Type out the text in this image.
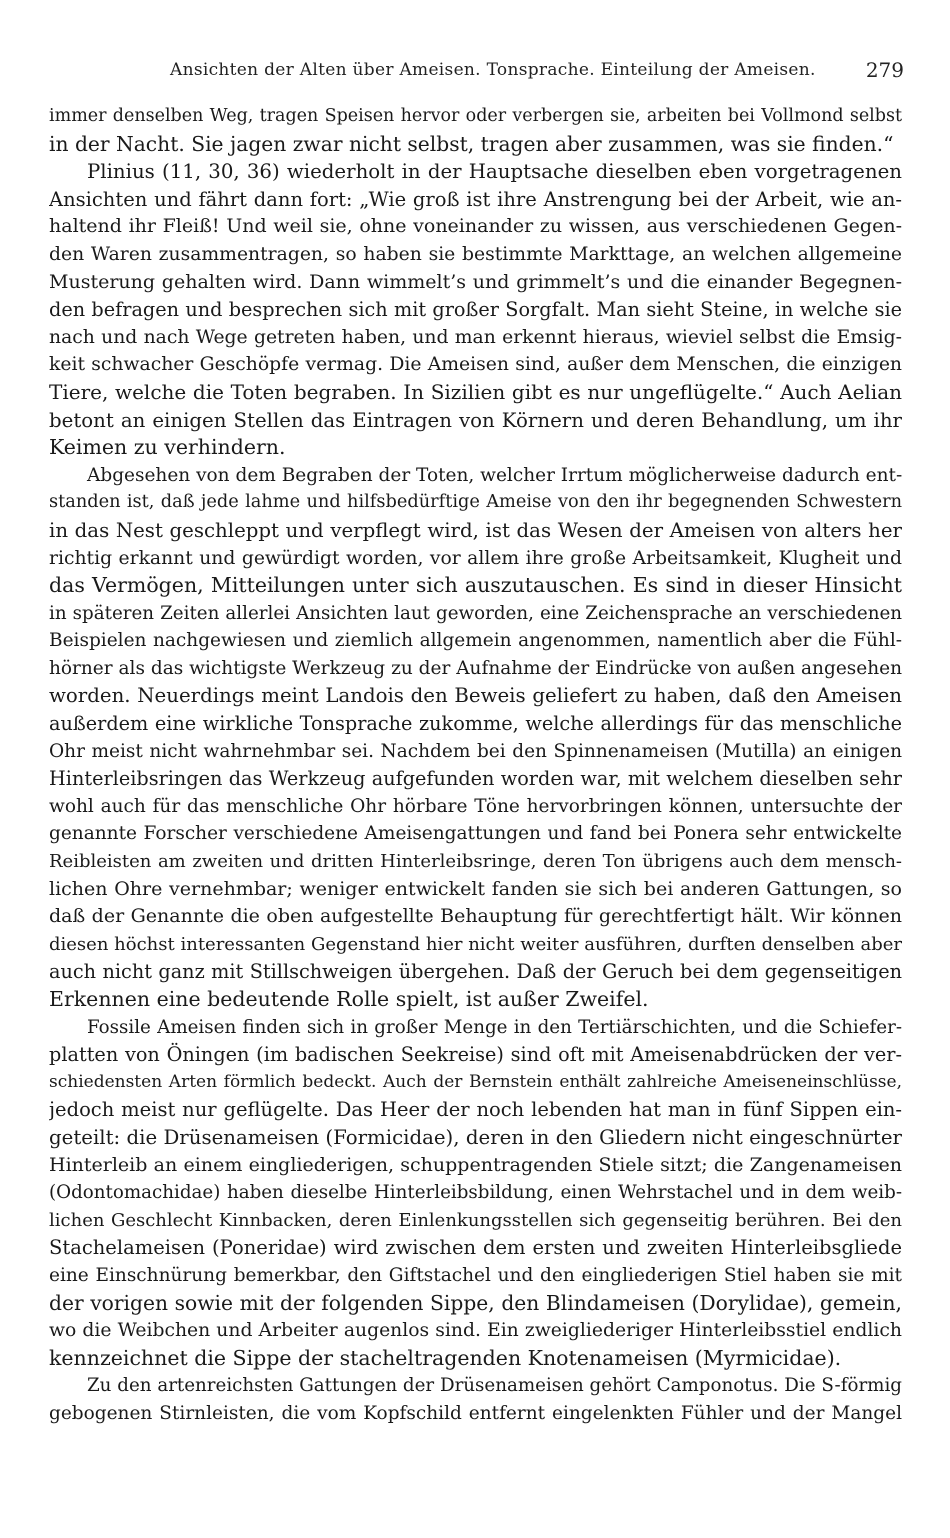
Ansichten der Alten über Ameisen. Tonsprache. Einteilung der Ameisen.	279
immer denselben Weg, tragen Speisen hervor oder verbergen sie, arbeiten bei Vollmond selbst
in der Nacht. Sie jagen zwar nicht selbst, tragen aber zusammen, was sie finden.“
Plinius (11, 30, 36) wiederholt in der Hauptsache dieselben eben vorgetragenen
Ansichten und fährt dann fort: „Wie groß ist ihre Anstrengung bei der Arbeit, wie an-
haltend ihr Fleiß! Und weil sie, ohne voneinander zu wissen, aus verschiedenen Gegen-
den Waren zusammentragen, so haben sie bestimmte Markttage, an welchen allgemeine
Musterung gehalten wird. Dann wimmelt’s und grimmelt’s und die einander Begegnen-
den befragen und besprechen sich mit großer Sorgfalt. Man sieht Steine, in welche sie
nach und nach Wege getreten haben, und man erkennt hieraus, wieviel selbst die Emsig-
keit schwacher Geschöpfe vermag. Die Ameisen sind, außer dem Menschen, die einzigen
Tiere, welche die Toten begraben. In Sizilien gibt es nur ungeflügelte.“ Auch Aelian
betont an einigen Stellen das Eintragen von Körnern und deren Behandlung, um ihr
Keimen zu verhindern.
Abgesehen von dem Begraben der Toten, welcher Irrtum möglicherweise dadurch ent-
standen ist, daß jede lahme und hilfsbedürftige Ameise von den ihr begegnenden Schwestern
in das Nest geschleppt und verpflegt wird, ist das Wesen der Ameisen von alters her
richtig erkannt und gewürdigt worden, vor allem ihre große Arbeitsamkeit, Klugheit und
das Vermögen, Mitteilungen unter sich auszutauschen. Es sind in dieser Hinsicht
in späteren Zeiten allerlei Ansichten laut geworden, eine Zeichensprache an verschiedenen
Beispielen nachgewiesen und ziemlich allgemein angenommen, namentlich aber die Fühl-
hörner als das wichtigste Werkzeug zu der Aufnahme der Eindrücke von außen angesehen
worden. Neuerdings meint Landois den Beweis geliefert zu haben, daß den Ameisen
außerdem eine wirkliche Tonsprache zukomme, welche allerdings für das menschliche
Ohr meist nicht wahrnehmbar sei. Nachdem bei den Spinnenameisen (Mutilla) an einigen
Hinterleibsringen das Werkzeug aufgefunden worden war, mit welchem dieselben sehr
wohl auch für das menschliche Ohr hörbare Töne hervorbringen können, untersuchte der
genannte Forscher verschiedene Ameisengattungen und fand bei Ponera sehr entwickelte
Reibleisten am zweiten und dritten Hinterleibsringe, deren Ton übrigens auch dem mensch-
lichen Ohre vernehmbar; weniger entwickelt fanden sie sich bei anderen Gattungen, so
daß der Genannte die oben aufgestellte Behauptung für gerechtfertigt hält. Wir können
diesen höchst interessanten Gegenstand hier nicht weiter ausführen, durften denselben aber
auch nicht ganz mit Stillschweigen übergehen. Daß der Geruch bei dem gegenseitigen
Erkennen eine bedeutende Rolle spielt, ist außer Zweifel.
Fossile Ameisen finden sich in großer Menge in den Tertiärschichten, und die Schiefer-
platten von Öningen (im badischen Seekreise) sind oft mit Ameisenabdrücken der ver-
schiedensten Arten förmlich bedeckt. Auch der Bernstein enthält zahlreiche Ameiseneinschlüsse,
jedoch meist nur geflügelte. Das Heer der noch lebenden hat man in fünf Sippen ein-
geteilt: die Drüsenameisen (Formicidae), deren in den Gliedern nicht eingeschnürter
Hinterleib an einem eingliederigen, schuppentragenden Stiele sitzt; die Zangenameisen
(Odontomachidae) haben dieselbe Hinterleibsbildung, einen Wehrstachel und in dem weib-
lichen Geschlecht Kinnbacken, deren Einlenkungsstellen sich gegenseitig berühren. Bei den
Stachelameisen (Poneridae) wird zwischen dem ersten und zweiten Hinterleibsgliede
eine Einschnürung bemerkbar, den Giftstachel und den eingliederigen Stiel haben sie mit
der vorigen sowie mit der folgenden Sippe, den Blindameisen (Dorylidae), gemein,
wo die Weibchen und Arbeiter augenlos sind. Ein zweigliederiger Hinterleibsstiel endlich
kennzeichnet die Sippe der stacheltragenden Knotenameisen (Myrmicidae).
Zu den artenreichsten Gattungen der Drüsenameisen gehört Camponotus. Die S-förmig
gebogenen Stirnleisten, die vom Kopfschild entfernt eingelenkten Fühler und der Mangel
